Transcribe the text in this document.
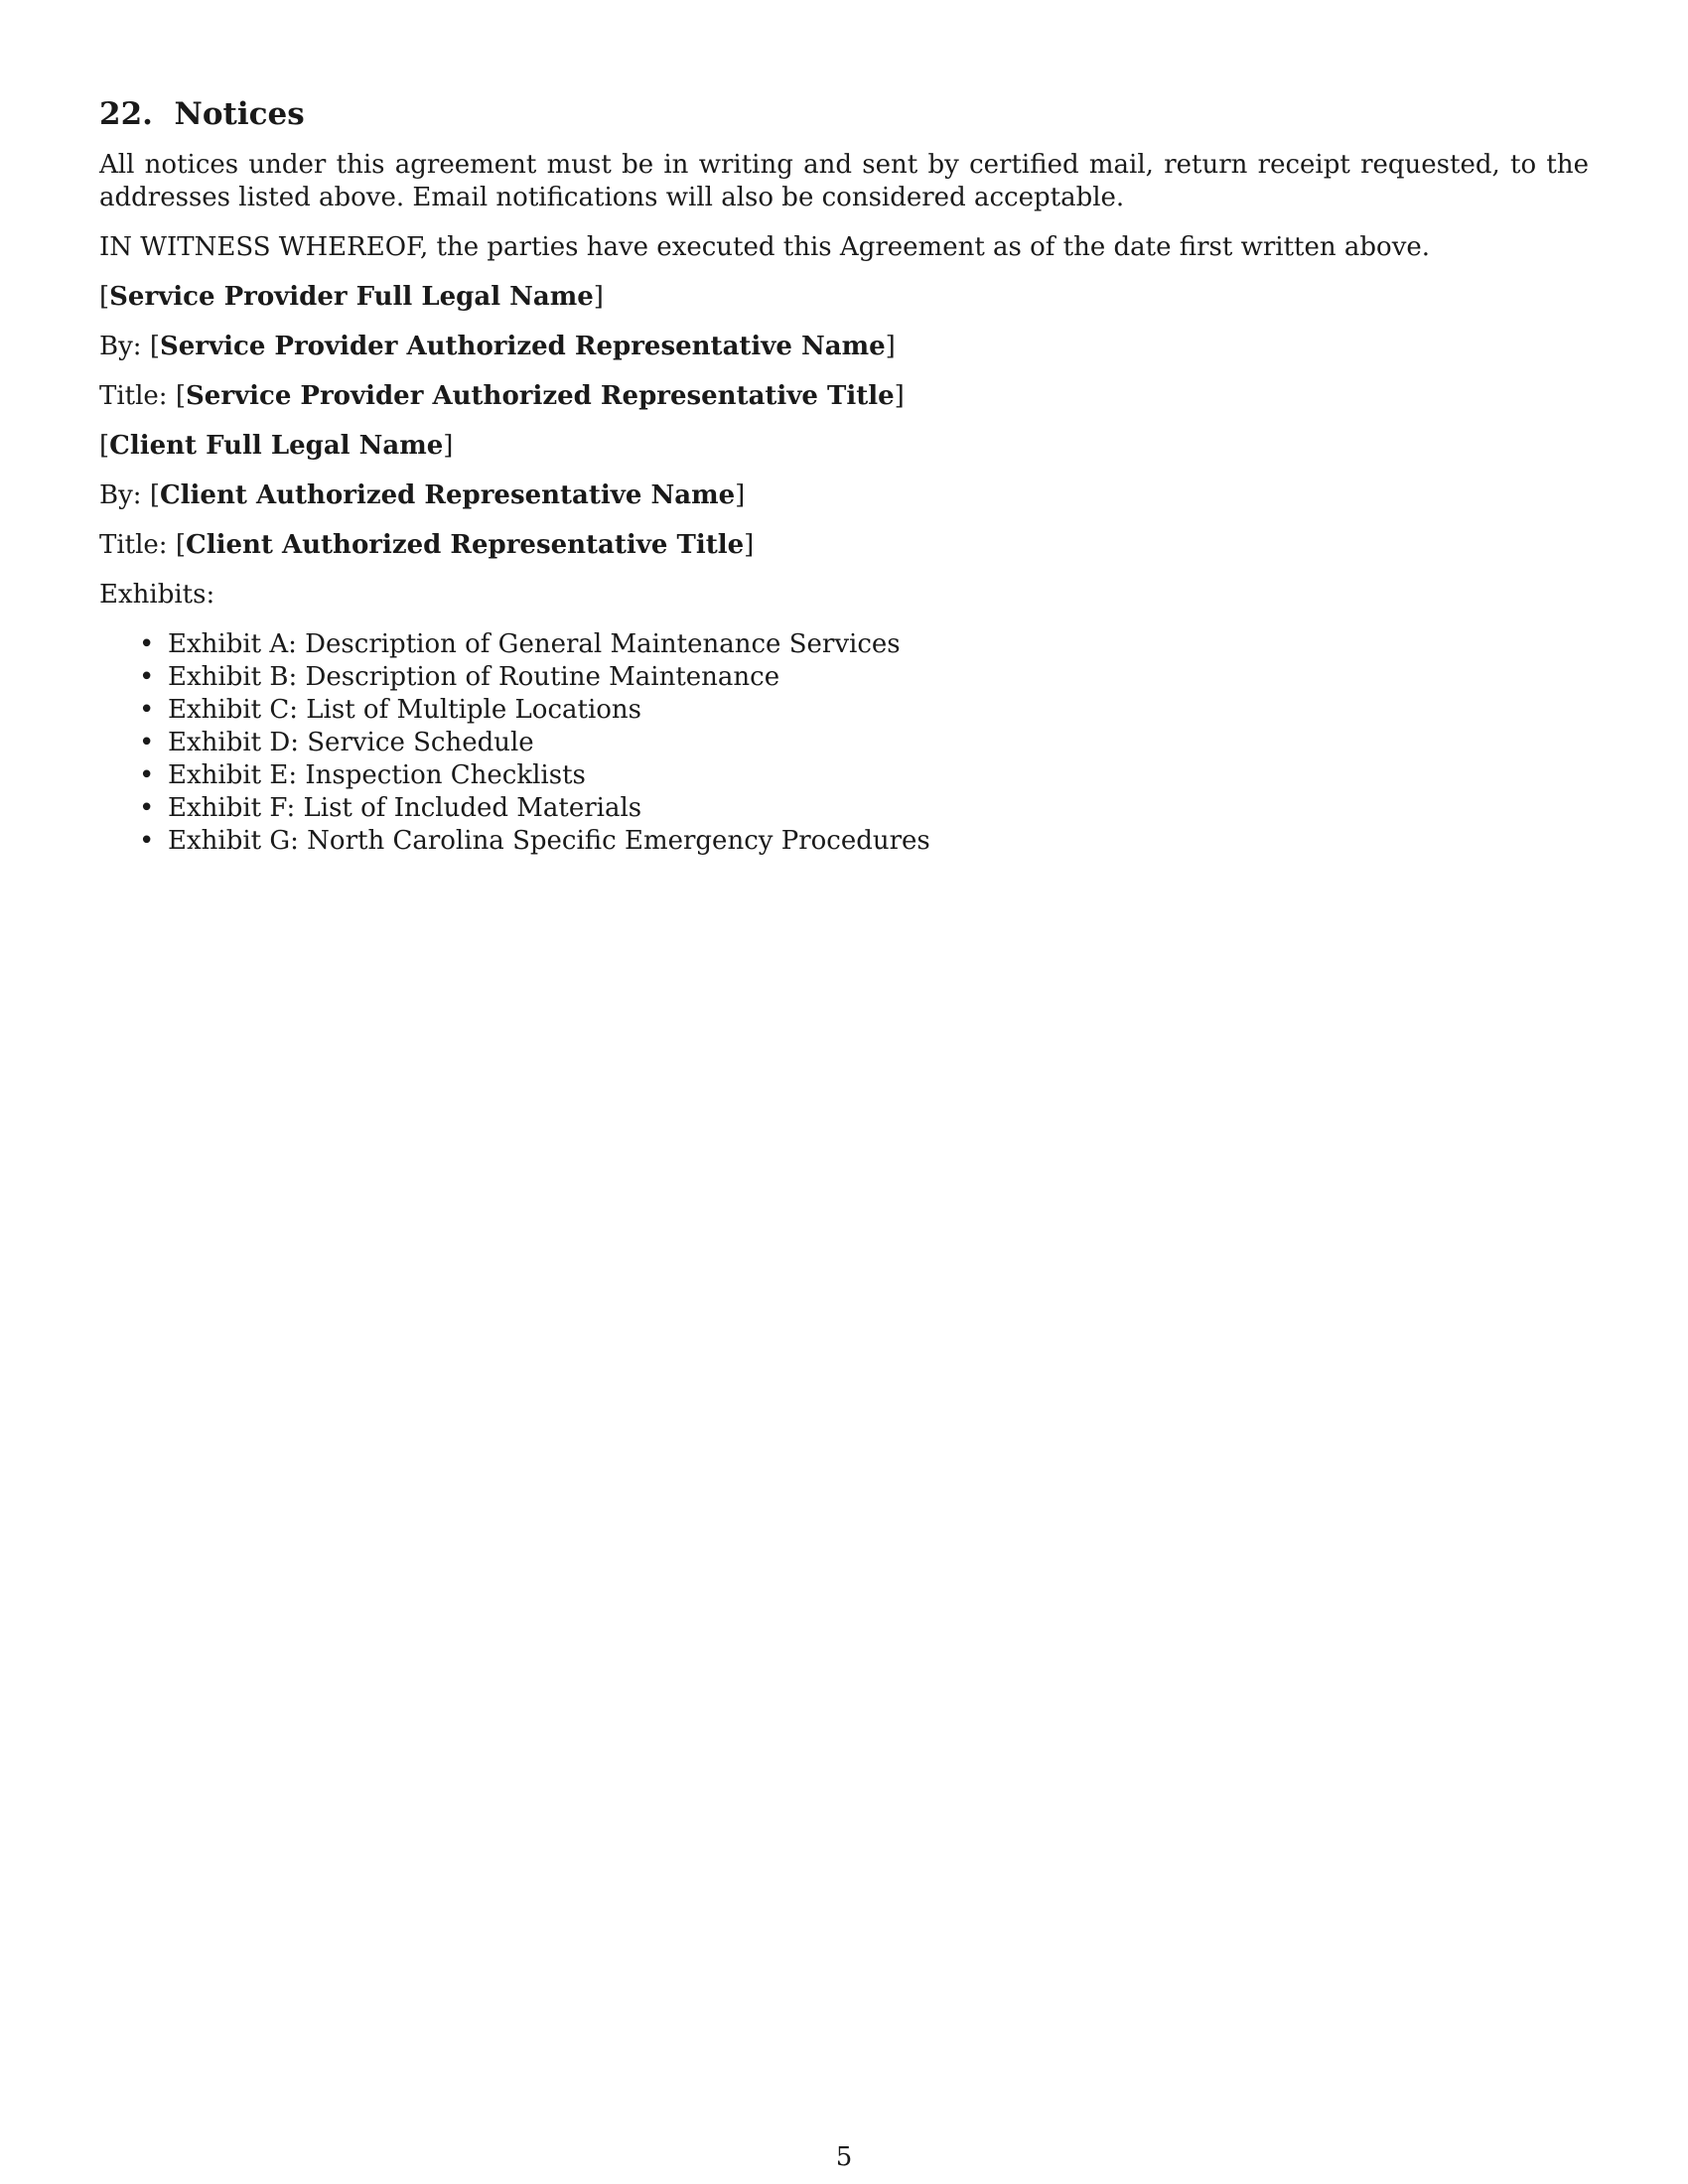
22. Notices

All notices under this agreement must be in writing and sent by certified mail, return receipt requested, to the addresses listed above. Email notifications will also be considered acceptable.

IN WITNESS WHEREOF, the parties have executed this Agreement as of the date first written above.

[Service Provider Full Legal Name]

By: [Service Provider Authorized Representative Name]

Title: [Service Provider Authorized Representative Title]

[Client Full Legal Name]

By: [Client Authorized Representative Name]

Title: [Client Authorized Representative Title]

Exhibits:

• Exhibit A: Description of General Maintenance Services
• Exhibit B: Description of Routine Maintenance
• Exhibit C: List of Multiple Locations
• Exhibit D: Service Schedule
• Exhibit E: Inspection Checklists
• Exhibit F: List of Included Materials
• Exhibit G: North Carolina Specific Emergency Procedures
5
